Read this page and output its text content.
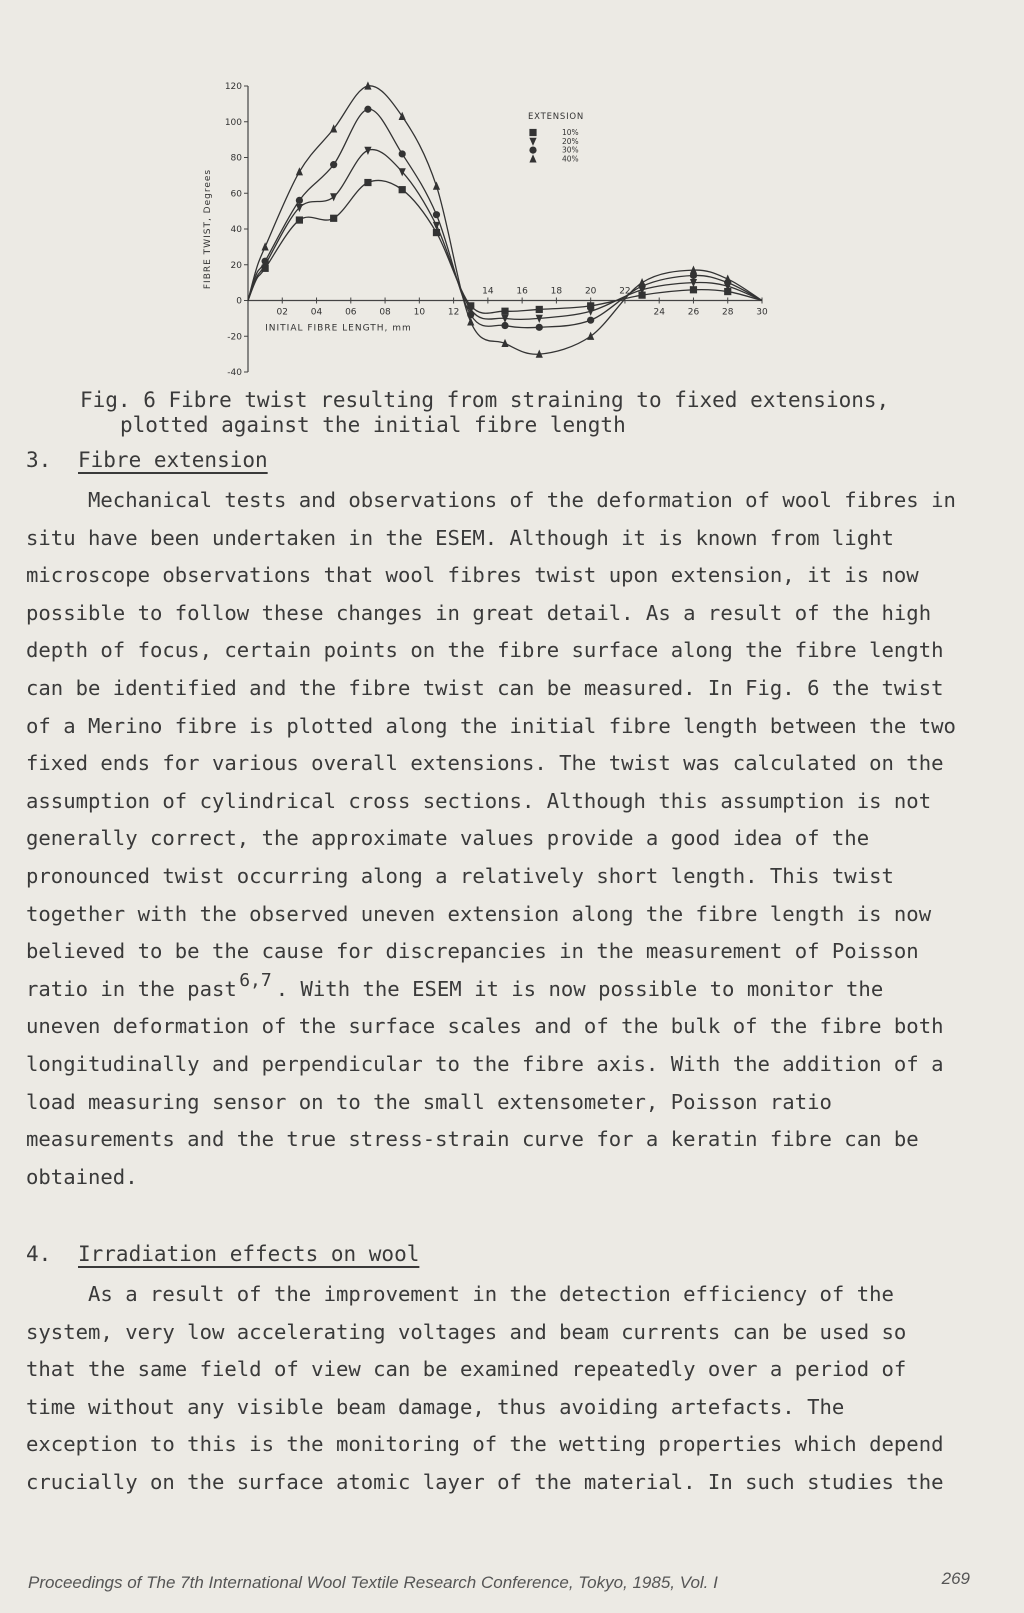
120
100
80
60
40
20
0
-20
-40
02	04	06	08	10	12
14	16	18	20	22
24	26	28	30
INITIAL FIBRE LENGTH, mm
FIBRE TWIST, Degrees
EXTENSION
10%
20%
30%
40%
Fig. 6 Fibre twist resulting from straining to fixed extensions,
plotted against the initial fibre length
3. Fibre extension
Mechanical tests and observations of the deformation of wool fibres in
situ have been undertaken in the ESEM. Although it is known from light
microscope observations that wool fibres twist upon extension, it is now
possible to follow these changes in great detail. As a result of the high
depth of focus, certain points on the fibre surface along the fibre length
can be identified and the fibre twist can be measured. In Fig. 6 the twist
of a Merino fibre is plotted along the initial fibre length between the two
fixed ends for various overall extensions. The twist was calculated on the
assumption of cylindrical cross sections. Although this assumption is not
generally correct, the approximate values provide a good idea of the
pronounced twist occurring along a relatively short length. This twist
together with the observed uneven extension along the fibre length is now
believed to be the cause for discrepancies in the measurement of Poisson
ratio in the past $^{6,7}$ . With the ESEM it is now possible to monitor the
uneven deformation of the surface scales and of the bulk of the fibre both
longitudinally and perpendicular to the fibre axis. With the addition of a
load measuring sensor on to the small extensometer, Poisson ratio
measurements and the true stress-strain curve for a keratin fibre can be
obtained.
4. Irradiation effects on wool
As a result of the improvement in the detection efficiency of the
system, very low accelerating voltages and beam currents can be used so
that the same field of view can be examined repeatedly over a period of
time without any visible beam damage, thus avoiding artefacts. The
exception to this is the monitoring of the wetting properties which depend
crucially on the surface atomic layer of the material. In such studies the
Proceedings of The 7th International Wool Textile Research Conference, Tokyo, 1985, Vol. I	269
